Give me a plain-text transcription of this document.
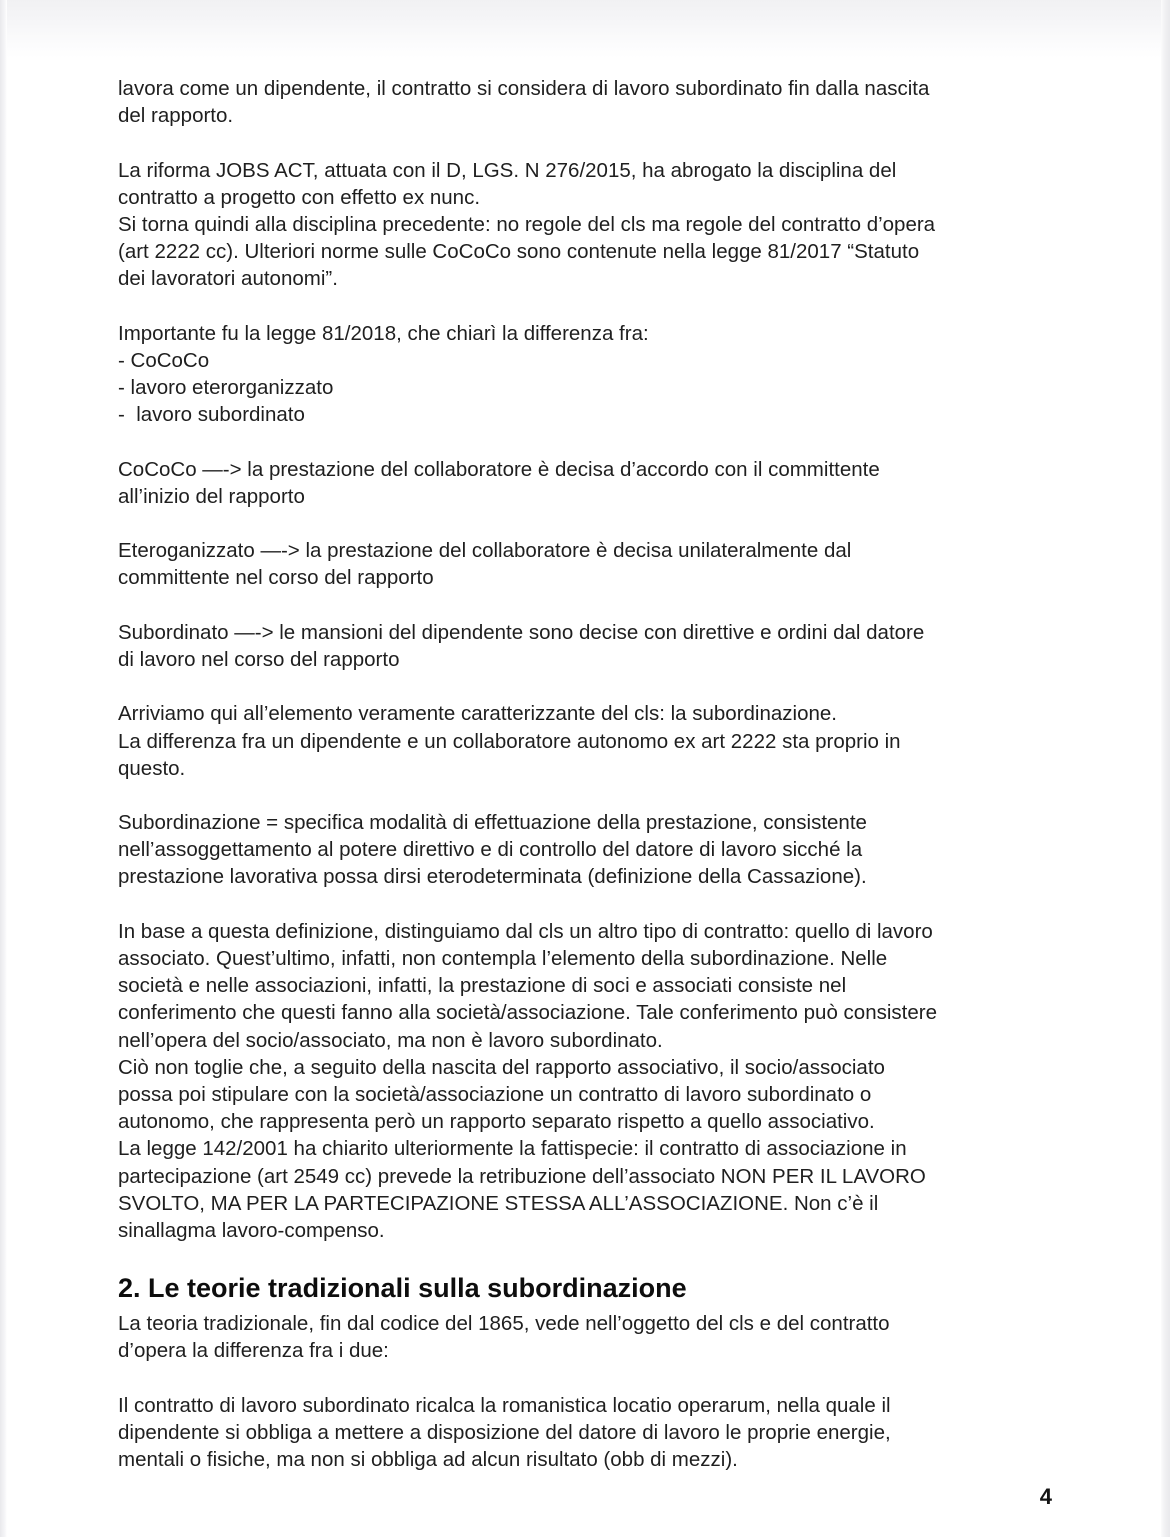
lavora come un dipendente, il contratto si considera di lavoro subordinato fin dalla nascita
del rapporto.
La riforma JOBS ACT, attuata con il D, LGS. N 276/2015, ha abrogato la disciplina del
contratto a progetto con effetto ex nunc.
Si torna quindi alla disciplina precedente: no regole del cls ma regole del contratto d’opera
(art 2222 cc). Ulteriori norme sulle CoCoCo sono contenute nella legge 81/2017 “Statuto
dei lavoratori autonomi”.
Importante fu la legge 81/2018, che chiarì la differenza fra:
- CoCoCo
- lavoro eterorganizzato
-  lavoro subordinato
CoCoCo —-> la prestazione del collaboratore è decisa d’accordo con il committente
all’inizio del rapporto
Eteroganizzato —-> la prestazione del collaboratore è decisa unilateralmente dal
committente nel corso del rapporto
Subordinato —-> le mansioni del dipendente sono decise con direttive e ordini dal datore
di lavoro nel corso del rapporto
Arriviamo qui all’elemento veramente caratterizzante del cls: la subordinazione.
La differenza fra un dipendente e un collaboratore autonomo ex art 2222 sta proprio in
questo.
Subordinazione = specifica modalità di effettuazione della prestazione, consistente
nell’assoggettamento al potere direttivo e di controllo del datore di lavoro sicché la
prestazione lavorativa possa dirsi eterodeterminata (definizione della Cassazione).
In base a questa definizione, distinguiamo dal cls un altro tipo di contratto: quello di lavoro
associato. Quest’ultimo, infatti, non contempla l’elemento della subordinazione. Nelle
società e nelle associazioni, infatti, la prestazione di soci e associati consiste nel
conferimento che questi fanno alla società/associazione. Tale conferimento può consistere
nell’opera del socio/associato, ma non è lavoro subordinato.
Ciò non toglie che, a seguito della nascita del rapporto associativo, il socio/associato
possa poi stipulare con la società/associazione un contratto di lavoro subordinato o
autonomo, che rappresenta però un rapporto separato rispetto a quello associativo.
La legge 142/2001 ha chiarito ulteriormente la fattispecie: il contratto di associazione in
partecipazione (art 2549 cc) prevede la retribuzione dell’associato NON PER IL LAVORO
SVOLTO, MA PER LA PARTECIPAZIONE STESSA ALL’ASSOCIAZIONE. Non c’è il
sinallagma lavoro-compenso.
2. Le teorie tradizionali sulla subordinazione
La teoria tradizionale, fin dal codice del 1865, vede nell’oggetto del cls e del contratto
d’opera la differenza fra i due:
Il contratto di lavoro subordinato ricalca la romanistica locatio operarum, nella quale il
dipendente si obbliga a mettere a disposizione del datore di lavoro le proprie energie,
mentali o fisiche, ma non si obbliga ad alcun risultato (obb di mezzi).
4
